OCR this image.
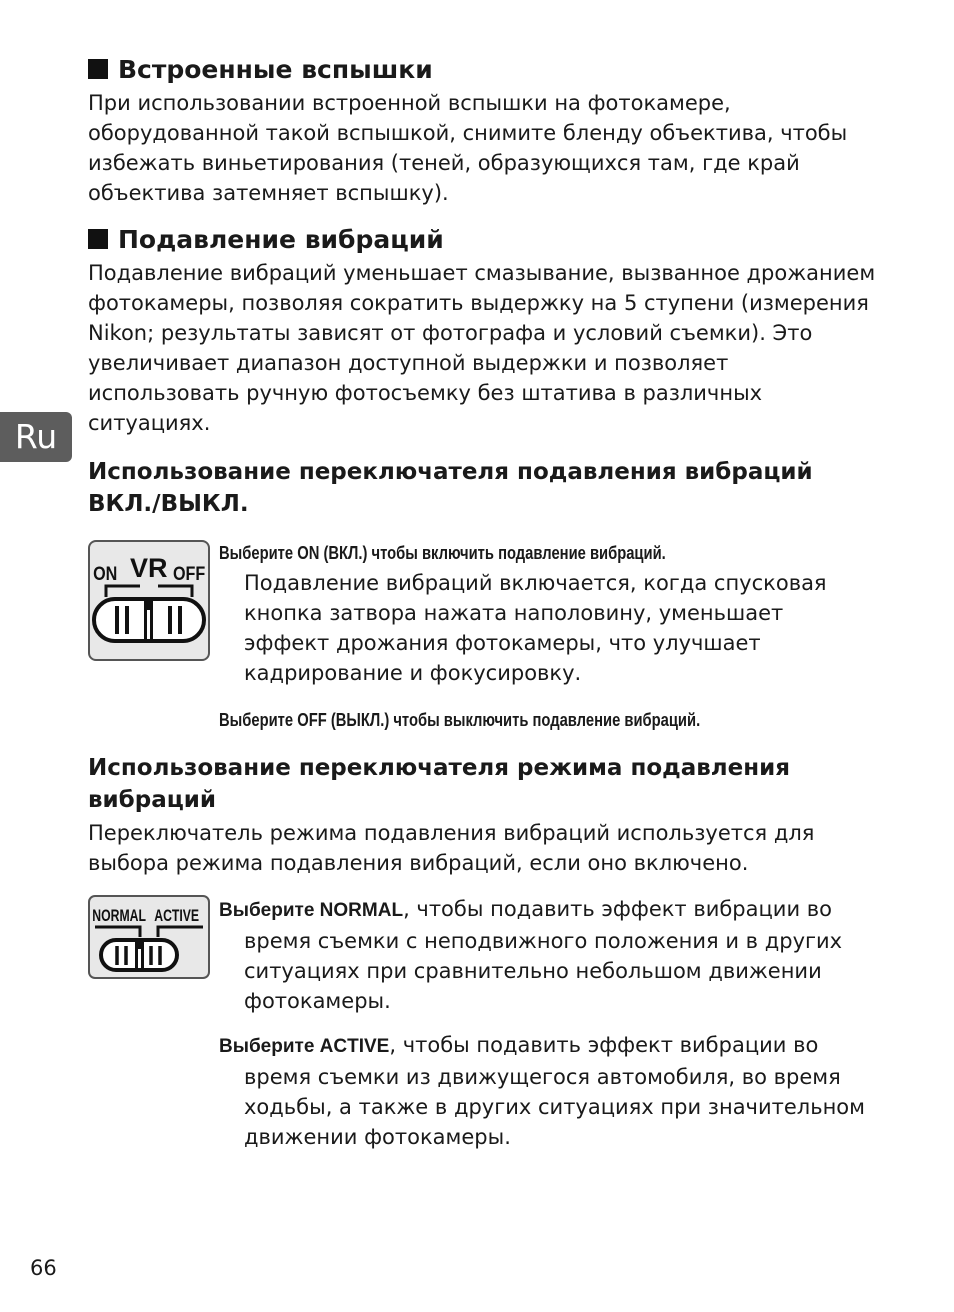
Ru
Встроенные вспышки

При использовании встроенной вспышки на фотокамере, оборудованной такой вспышкой, снимите бленду объектива, чтобы избежать виньетирования (теней, образующихся там, где край объектива затемняет вспышку).

Подавление вибраций

Подавление вибраций уменьшает смазывание, вызванное дрожанием фотокамеры, позволяя сократить выдержку на 5 ступени (измерения Nikon; результаты зависят от фотографа и условий съемки). Это увеличивает диапазон доступной выдержки и позволяет использовать ручную фотосъемку без штатива в различных ситуациях.

Использование переключателя подавления вибраций ВКЛ./ВЫКЛ.
ON VR OFF
Выберите ON (ВКЛ.) чтобы включить подавление вибраций.
Подавление вибраций включается, когда спусковая кнопка затвора нажата наполовину, уменьшает эффект дрожания фотокамеры, что улучшает кадрирование и фокусировку.
Выберите OFF (ВЫКЛ.) чтобы выключить подавление вибраций.
Использование переключателя режима подавления вибраций

Переключатель режима подавления вибраций используется для выбора режима подавления вибраций, если оно включено.

NORMAL ACTIVE Выберите NORMAL, чтобы подавить эффект вибрации во
время съемки с неподвижного положения и в других ситуациях при сравнительно небольшом движении фотокамеры.
Выберите ACTIVE, чтобы подавить эффект вибрации во
время съемки из движущегося автомобиля, во время ходьбы, а также в других ситуациях при значительном движении фотокамеры.
66
